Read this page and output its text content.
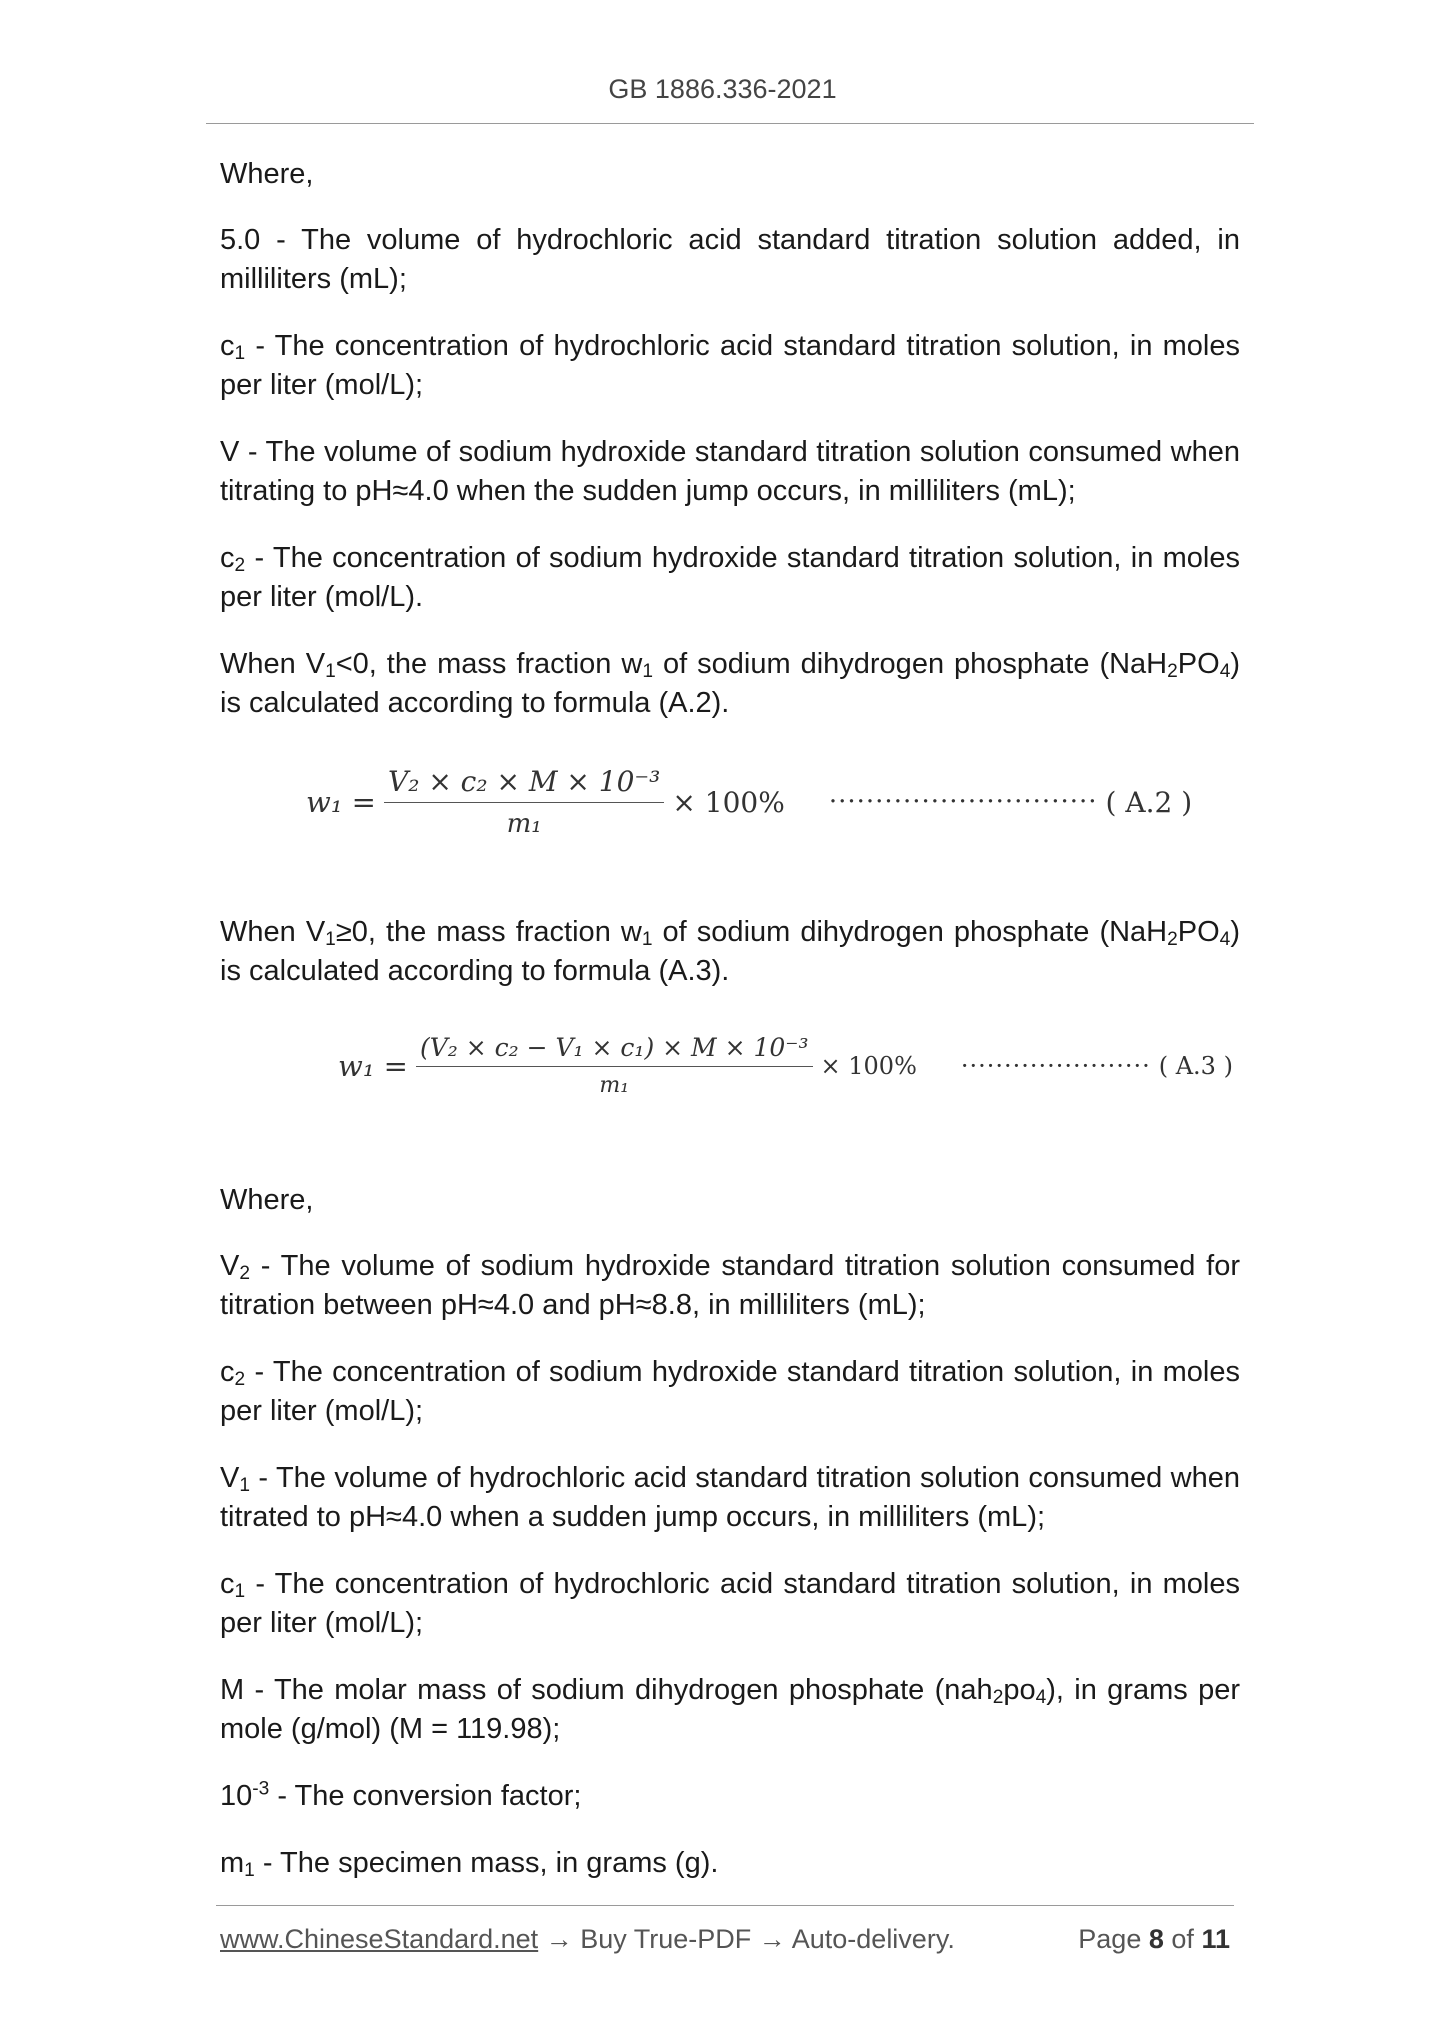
GB 1886.336-2021

Where,

5.0 - The volume of hydrochloric acid standard titration solution added, in milliliters (mL);

$c_1$ - The concentration of hydrochloric acid standard titration solution, in moles per liter (mol/L);

V - The volume of sodium hydroxide standard titration solution consumed when titrating to pH≈4.0 when the sudden jump occurs, in milliliters (mL);

$c_2$ - The concentration of sodium hydroxide standard titration solution, in moles per liter (mol/L).

When $V_1<0$, the mass fraction $w_1$ of sodium dihydrogen phosphate $(NaH_2PO_4)$ is calculated according to formula (A.2).

$w_1 = \frac{\text{V₂ × c₂ × M × 10⁻³}}{\text{m₁}} \times 100\%$ ····························· ( A.2 )

When $V_1\ge 0$, the mass fraction $w_1$ of sodium dihydrogen phosphate $(NaH_2PO_4)$ is calculated according to formula (A.3).

$w_1 = \frac{\text{(V₂ × c₂ − V₁ × c₁) × M × 10⁻³}}{\text{m₁}} \times 100\%$ ······················ ( A.3 )

Where,

$V_2$ - The volume of sodium hydroxide standard titration solution consumed for titration between pH≈4.0 and pH≈8.8, in milliliters (mL);

$c_2$ - The concentration of sodium hydroxide standard titration solution, in moles per liter (mol/L);

$V_1$ - The volume of hydrochloric acid standard titration solution consumed when titrated to pH≈4.0 when a sudden jump occurs, in milliliters (mL);

$c_1$ - The concentration of hydrochloric acid standard titration solution, in moles per liter (mol/L);

M - The molar mass of sodium dihydrogen phosphate $(nah_2po_4)$, in grams per mole (g/mol) (M = 119.98);

$10^{-3}$ - The conversion factor;

$m_1$ - The specimen mass, in grams (g).

www.ChineseStandard.net → Buy True-PDF → Auto-delivery.	Page 8 of 11
